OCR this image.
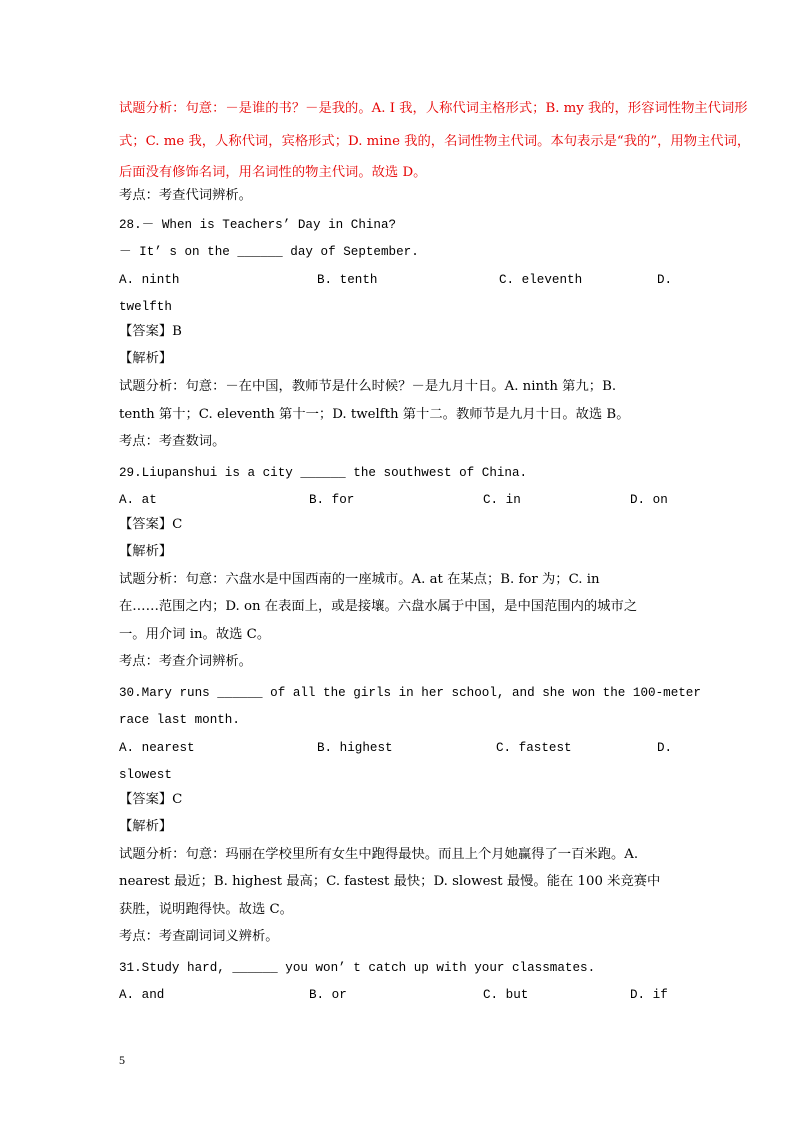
试题分析：句意：－是谁的书？－是我的。A. I 我，人称代词主格形式；B. my 我的，形容词性物主代词形
式；C. me 我，人称代词，宾格形式；D. mine 我的，名词性物主代词。本句表示是“我的”，用物主代词，
后面没有修饰名词，用名词性的物主代词。故选 D。
考点：考查代词辨析。
28.－ When is Teachers’ Day in China?
－ It’ s on the ______ day of September.
A. ninth	B. tenth	C. eleventh	D.
twelfth
【答案】B
【解析】
试题分析：句意：－在中国，教师节是什么时候？－是九月十日。A. ninth 第九；B.
tenth 第十；C. eleventh 第十一；D. twelfth 第十二。教师节是九月十日。故选 B。
考点：考查数词。
29.Liupanshui is a city ______ the southwest of China.
A. at	B. for	C. in	D. on
【答案】C
【解析】
试题分析：句意：六盘水是中国西南的一座城市。A. at 在某点；B. for 为；C. in
在……范围之内；D. on 在表面上，或是接壤。六盘水属于中国，是中国范围内的城市之
一。用介词 in。故选 C。
考点：考查介词辨析。
30.Mary runs ______ of all the girls in her school, and she won the 100-meter
race last month.
A. nearest	B. highest	C. fastest	D.
slowest
【答案】C
【解析】
试题分析：句意：玛丽在学校里所有女生中跑得最快。而且上个月她赢得了一百米跑。A.
nearest 最近；B. highest 最高；C. fastest 最快；D. slowest 最慢。能在 100 米竞赛中
获胜，说明跑得快。故选 C。
考点：考查副词词义辨析。
31.Study hard, ______ you won’ t catch up with your classmates.
A. and	B. or	C. but	D. if
5
